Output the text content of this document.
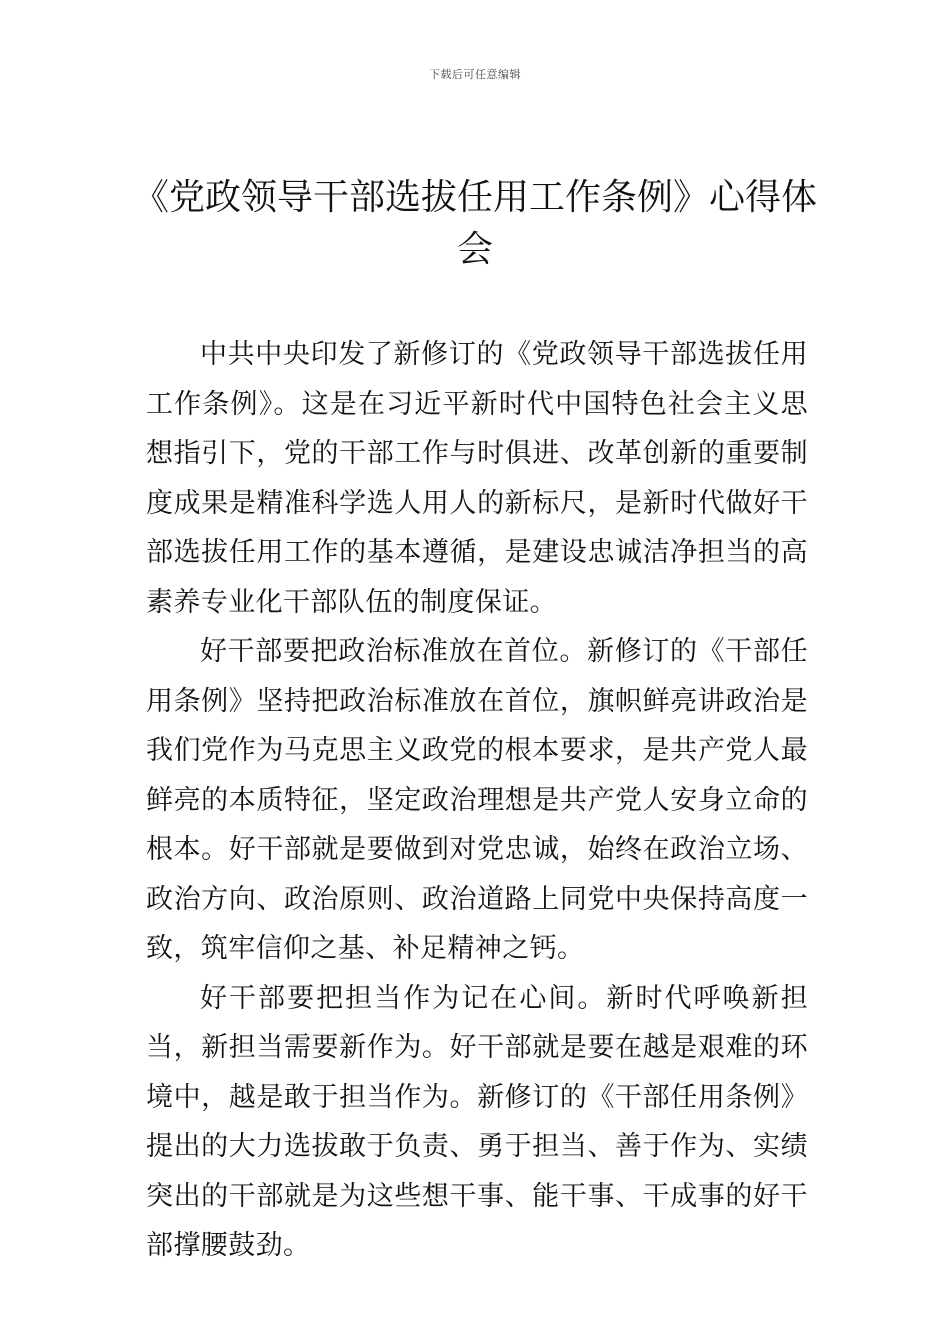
下载后可任意编辑
《党政领导干部选拔任用工作条例》心得体会

中共中央印发了新修订的《党政领导干部选拔任用工作条例》。这是在习近平新时代中国特色社会主义思想指引下，党的干部工作与时俱进、改革创新的重要制度成果是精准科学选人用人的新标尺，是新时代做好干部选拔任用工作的基本遵循，是建设忠诚洁净担当的高素养专业化干部队伍的制度保证。

好干部要把政治标准放在首位。新修订的《干部任用条例》坚持把政治标准放在首位，旗帜鲜亮讲政治是我们党作为马克思主义政党的根本要求，是共产党人最鲜亮的本质特征，坚定政治理想是共产党人安身立命的根本。好干部就是要做到对党忠诚，始终在政治立场、政治方向、政治原则、政治道路上同党中央保持高度一致，筑牢信仰之基、补足精神之钙。

好干部要把担当作为记在心间。新时代呼唤新担当，新担当需要新作为。好干部就是要在越是艰难的环境中，越是敢于担当作为。新修订的《干部任用条例》提出的大力选拔敢于负责、勇于担当、善于作为、实绩突出的干部就是为这些想干事、能干事、干成事的好干部撑腰鼓劲。
